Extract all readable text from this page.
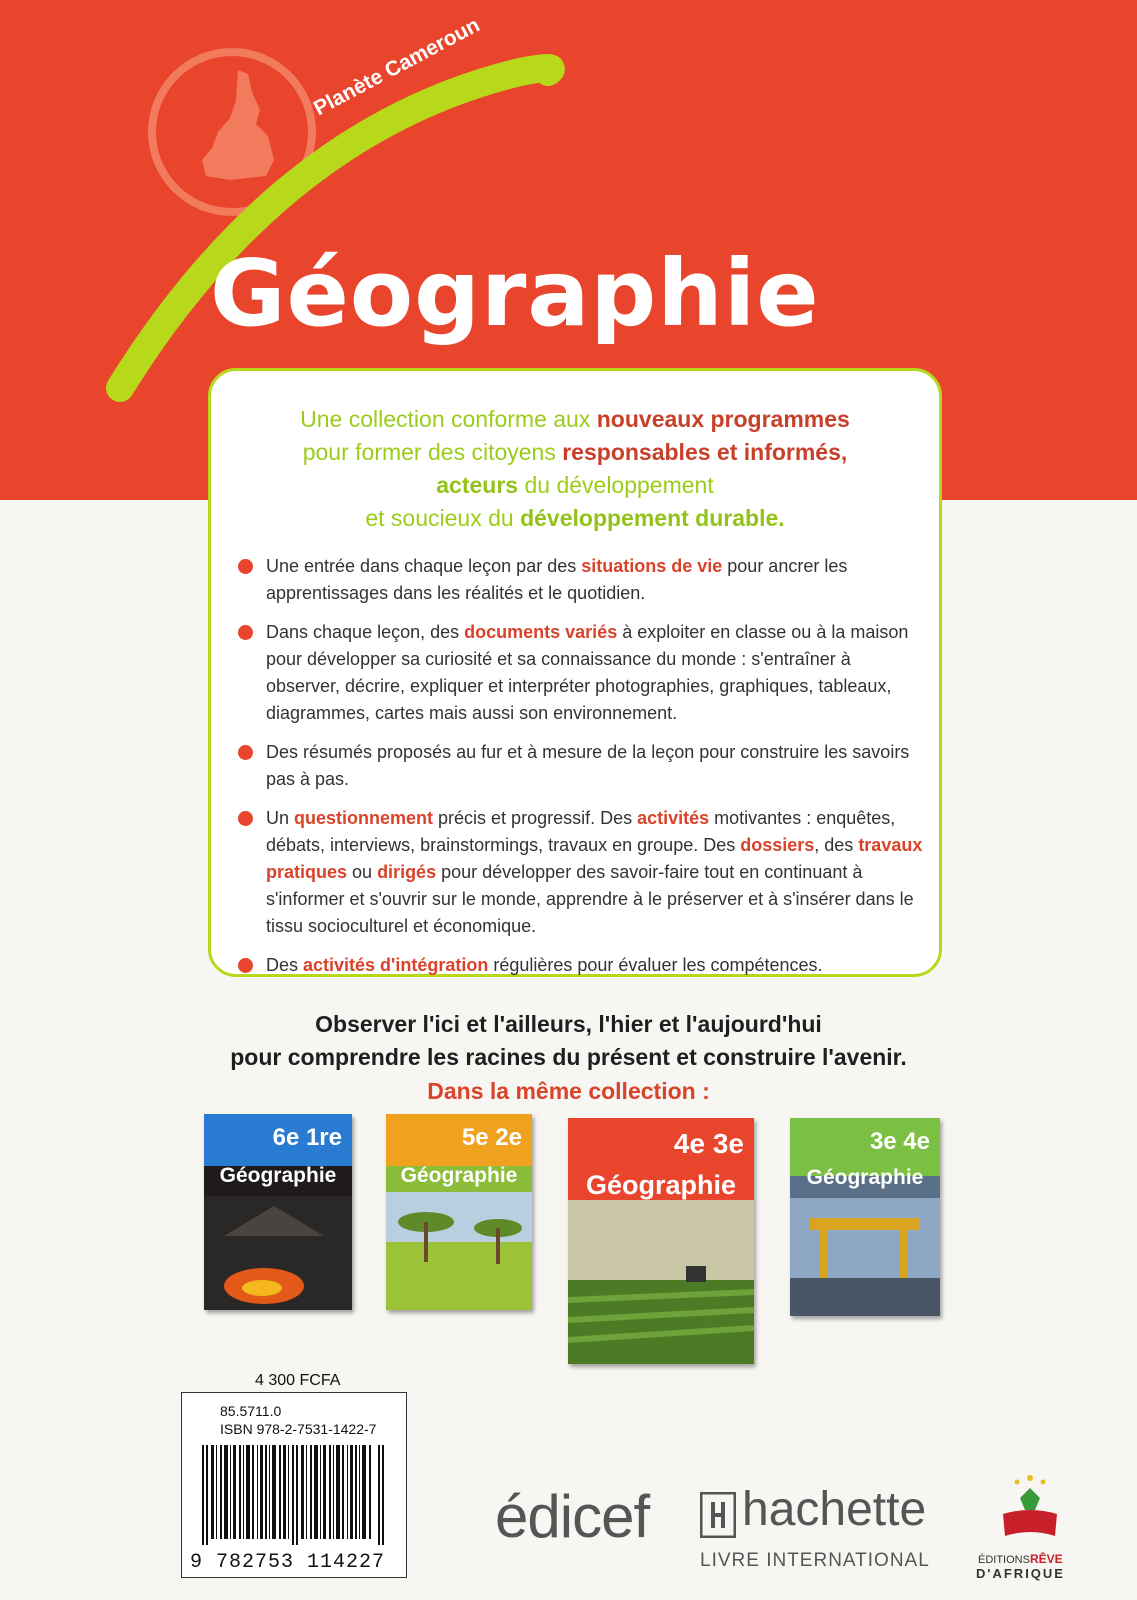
Planète Cameroun
Géographie
Une collection conforme aux nouveaux programmes
pour former des citoyens responsables et informés,
acteurs du développement
et soucieux du développement durable.
Une entrée dans chaque leçon par des situations de vie pour ancrer les apprentissages dans les réalités et le quotidien.
Dans chaque leçon, des documents variés à exploiter en classe ou à la maison pour développer sa curiosité et sa connaissance du monde : s'entraîner à observer, décrire, expliquer et interpréter photographies, graphiques, tableaux, diagrammes, cartes mais aussi son environnement.
Des résumés proposés au fur et à mesure de la leçon pour construire les savoirs pas à pas.
Un questionnement précis et progressif. Des activités motivantes : enquêtes, débats, interviews, brainstormings, travaux en groupe. Des dossiers, des travaux pratiques ou dirigés pour développer des savoir-faire tout en continuant à s'informer et s'ouvrir sur le monde, apprendre à le préserver et à s'insérer dans le tissu socioculturel et économique.
Des activités d'intégration régulières pour évaluer les compétences.
Observer l'ici et l'ailleurs, l'hier et l'aujourd'hui
pour comprendre les racines du présent et construire l'avenir.
Dans la même collection :
6e 1re
Géographie
5e 2e
Géographie
4e 3e
Géographie
3e 4e
Géographie
4 300 FCFA
85.5711.0
ISBN 978-2-7531-1422-7
9 782753 114227
édicef hachette
LIVRE INTERNATIONAL	ÉDITIONSRÊVE
D'AFRIQUE
